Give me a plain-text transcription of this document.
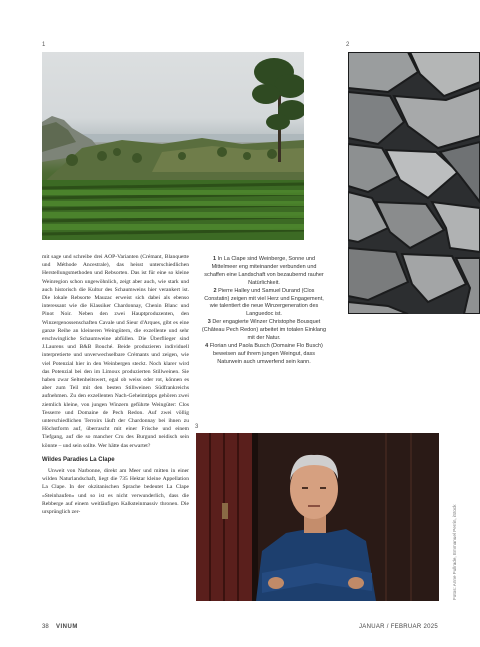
1	2
3

mit sage und schreibe drei AOP-Varianten (Crémant, Blanquette und Méthode Ancestrale), das heisst unterschiedlichen Herstellungsmethoden und Rebsorten. Das ist für eine so kleine Weinregion schon ungewöhnlich, zeigt aber auch, wie stark und auch historisch die Kultur des Schaumweins hier verankert ist. Die lokale Rebsorte Mauzac erweist sich dabei als ebenso interessant wie die Klassiker Chardonnay, Chenin Blanc und Pinot Noir. Neben den zwei Hauptproduzenten, den Winzergenossenschaften Cavale und Sieur d'Arques, gibt es eine ganze Reihe an kleineren Weingütern, die exzellente und sehr erschwingliche Schaumweine abfüllen. Die Überflieger sind J.Laurens und B&B Bouché. Beide produzieren individuell interpretierte und unverwechselbare Crémants und zeigen, wie viel Potenzial hier in den Weinbergen steckt. Noch klarer wird das Potenzial bei den im Limoux produzierten Stillweinen. Sie haben zwar Seltenheitswert, egal ob weiss oder rot, können es aber zum Teil mit den besten Stillweinen Südfrankreichs aufnehmen. Zu den exzellenten Nach-Geheimtipps gehören zwei ziemlich kleine, von jungen Winzern geführte Weingüter: Clos Tesserre und Domaine de Pech Redon. Auf zwei völlig unterschiedlichen Terroirs läuft der Chardonnay bei ihnen zu Höchstform auf, überrascht mit einer Frische und einem Tiefgang, auf die so mancher Cru des Burgund neidisch sein könnte – und sein sollte. Wer hätte das erwartet?

Wildes Paradies La Clape

Unweit von Narbonne, direkt am Meer und mitten in einer wilden Naturlandschaft, liegt die 735 Hektar kleine Appellation La Clape. In der okzitanischen Sprache bedeutet La Clape «Steinhaufen» und so ist es nicht verwunderlich, dass die Rebberge auf einem weitläufigen Kalksteinmassiv thronen. Die ursprünglich zer-

1 In La Clape sind Weinberge, Sonne und Mittelmeer eng miteinander verbunden und schaffen eine Landschaft von bezaubernd rauher Natürlichkeit.

2 Pierre Halley und Samuel Durand (Clos Constatin) zeigen mit viel Herz und Engagement, wie talentiert die neue Winzergeneration des Languedoc ist.

3 Der engagierte Winzer Christophe Bousquet (Château Pech Redon) arbeitet im totalen Einklang mit der Natur.

4 Florian und Paola Busch (Domaine Flo Busch) beweisen auf ihrem jungen Weingut, dass Naturwein auch umwerfend sein kann.

Fotos: Anne Fullrade, Emmanuel Perrin, iStock
38 VINUM	JANUAR / FEBRUAR 2025
